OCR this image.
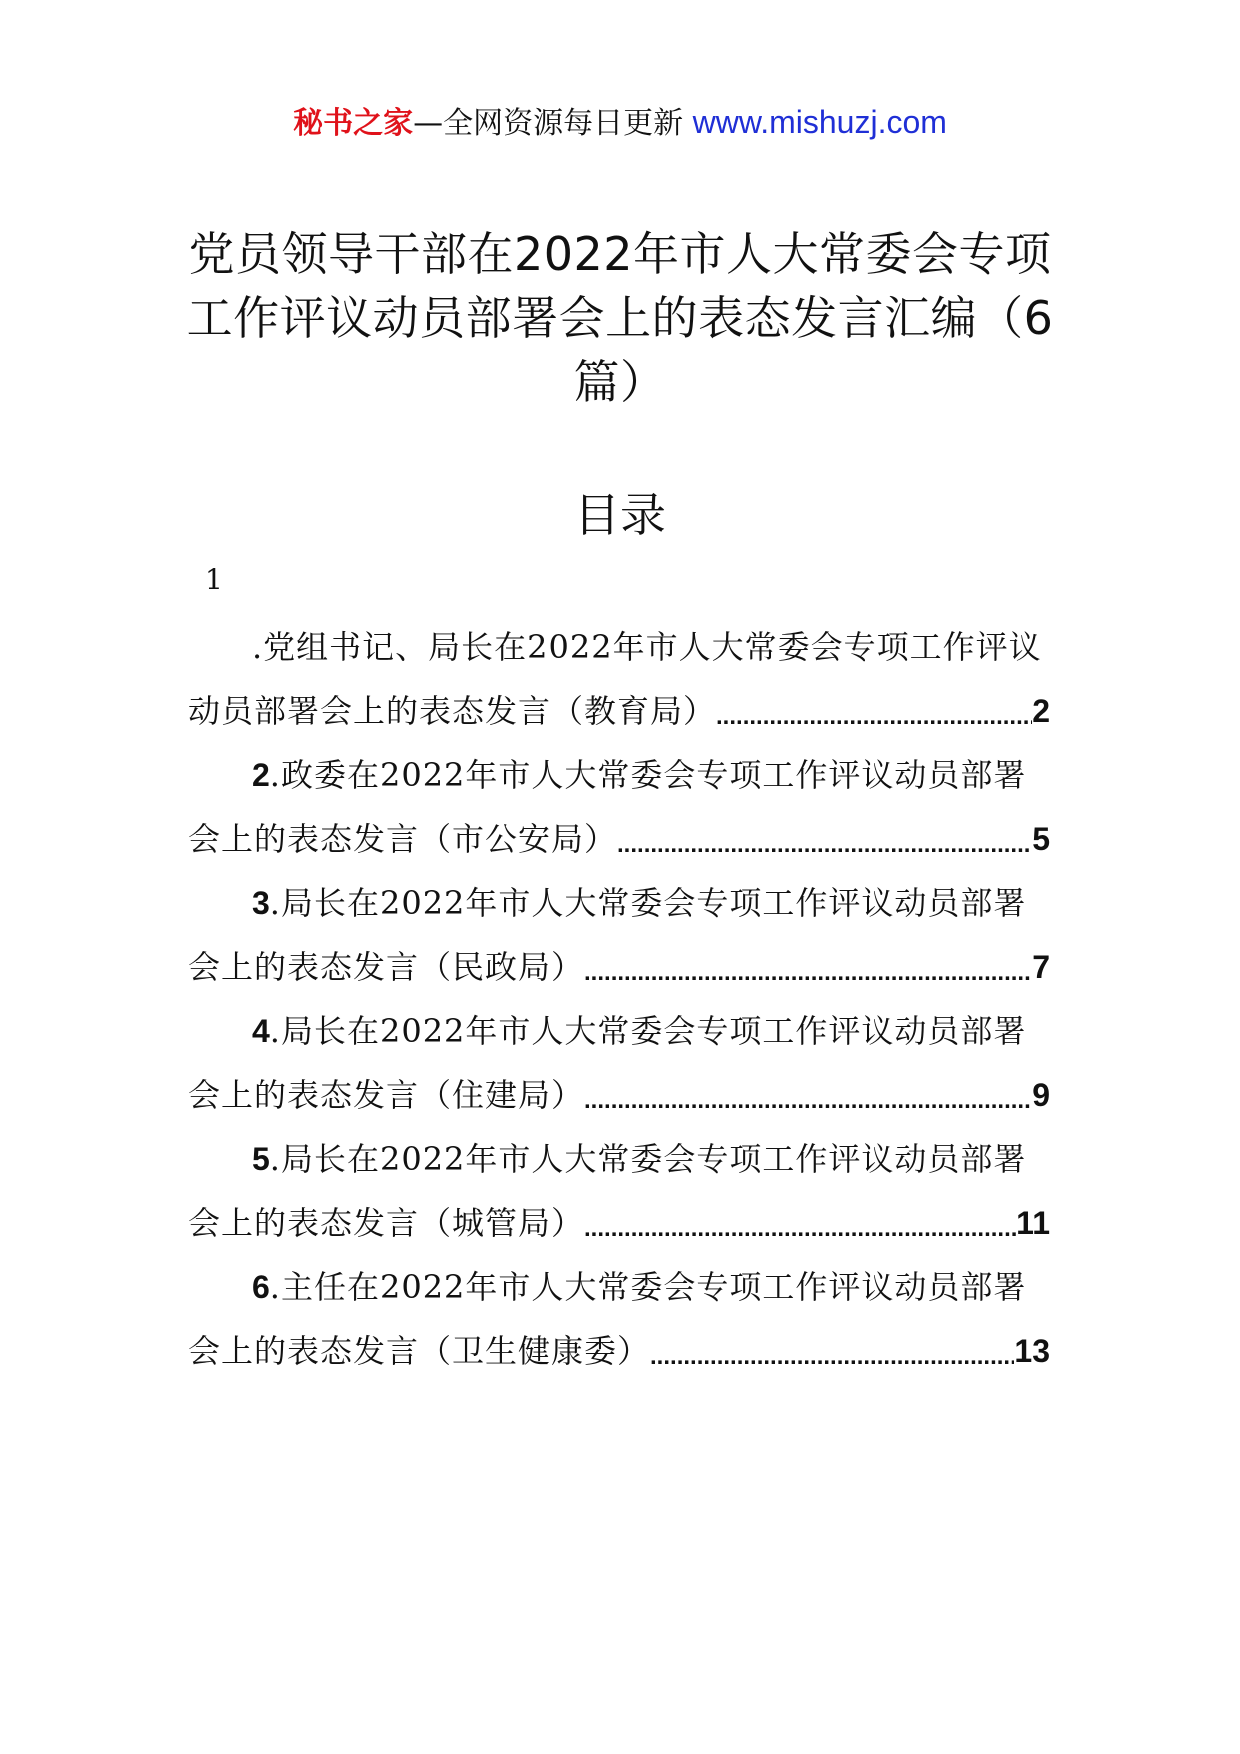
秘书之家—全网资源每日更新 www.mishuzj.com
党员领导干部在2022年市人大常委会专项工作评议动员部署会上的表态发言汇编（6篇）
目录
1
.党组书记、局长在2022年市人大常委会专项工作评议
动员部署会上的表态发言（教育局） .....	2
2.政委在2022年市人大常委会专项工作评议动员部署
会上的表态发言（市公安局） .....	5
3.局长在2022年市人大常委会专项工作评议动员部署
会上的表态发言（民政局） .....	7
4.局长在2022年市人大常委会专项工作评议动员部署
会上的表态发言（住建局） .....	9
5.局长在2022年市人大常委会专项工作评议动员部署
会上的表态发言（城管局） .....	11
6.主任在2022年市人大常委会专项工作评议动员部署
会上的表态发言（卫生健康委） .....	13
